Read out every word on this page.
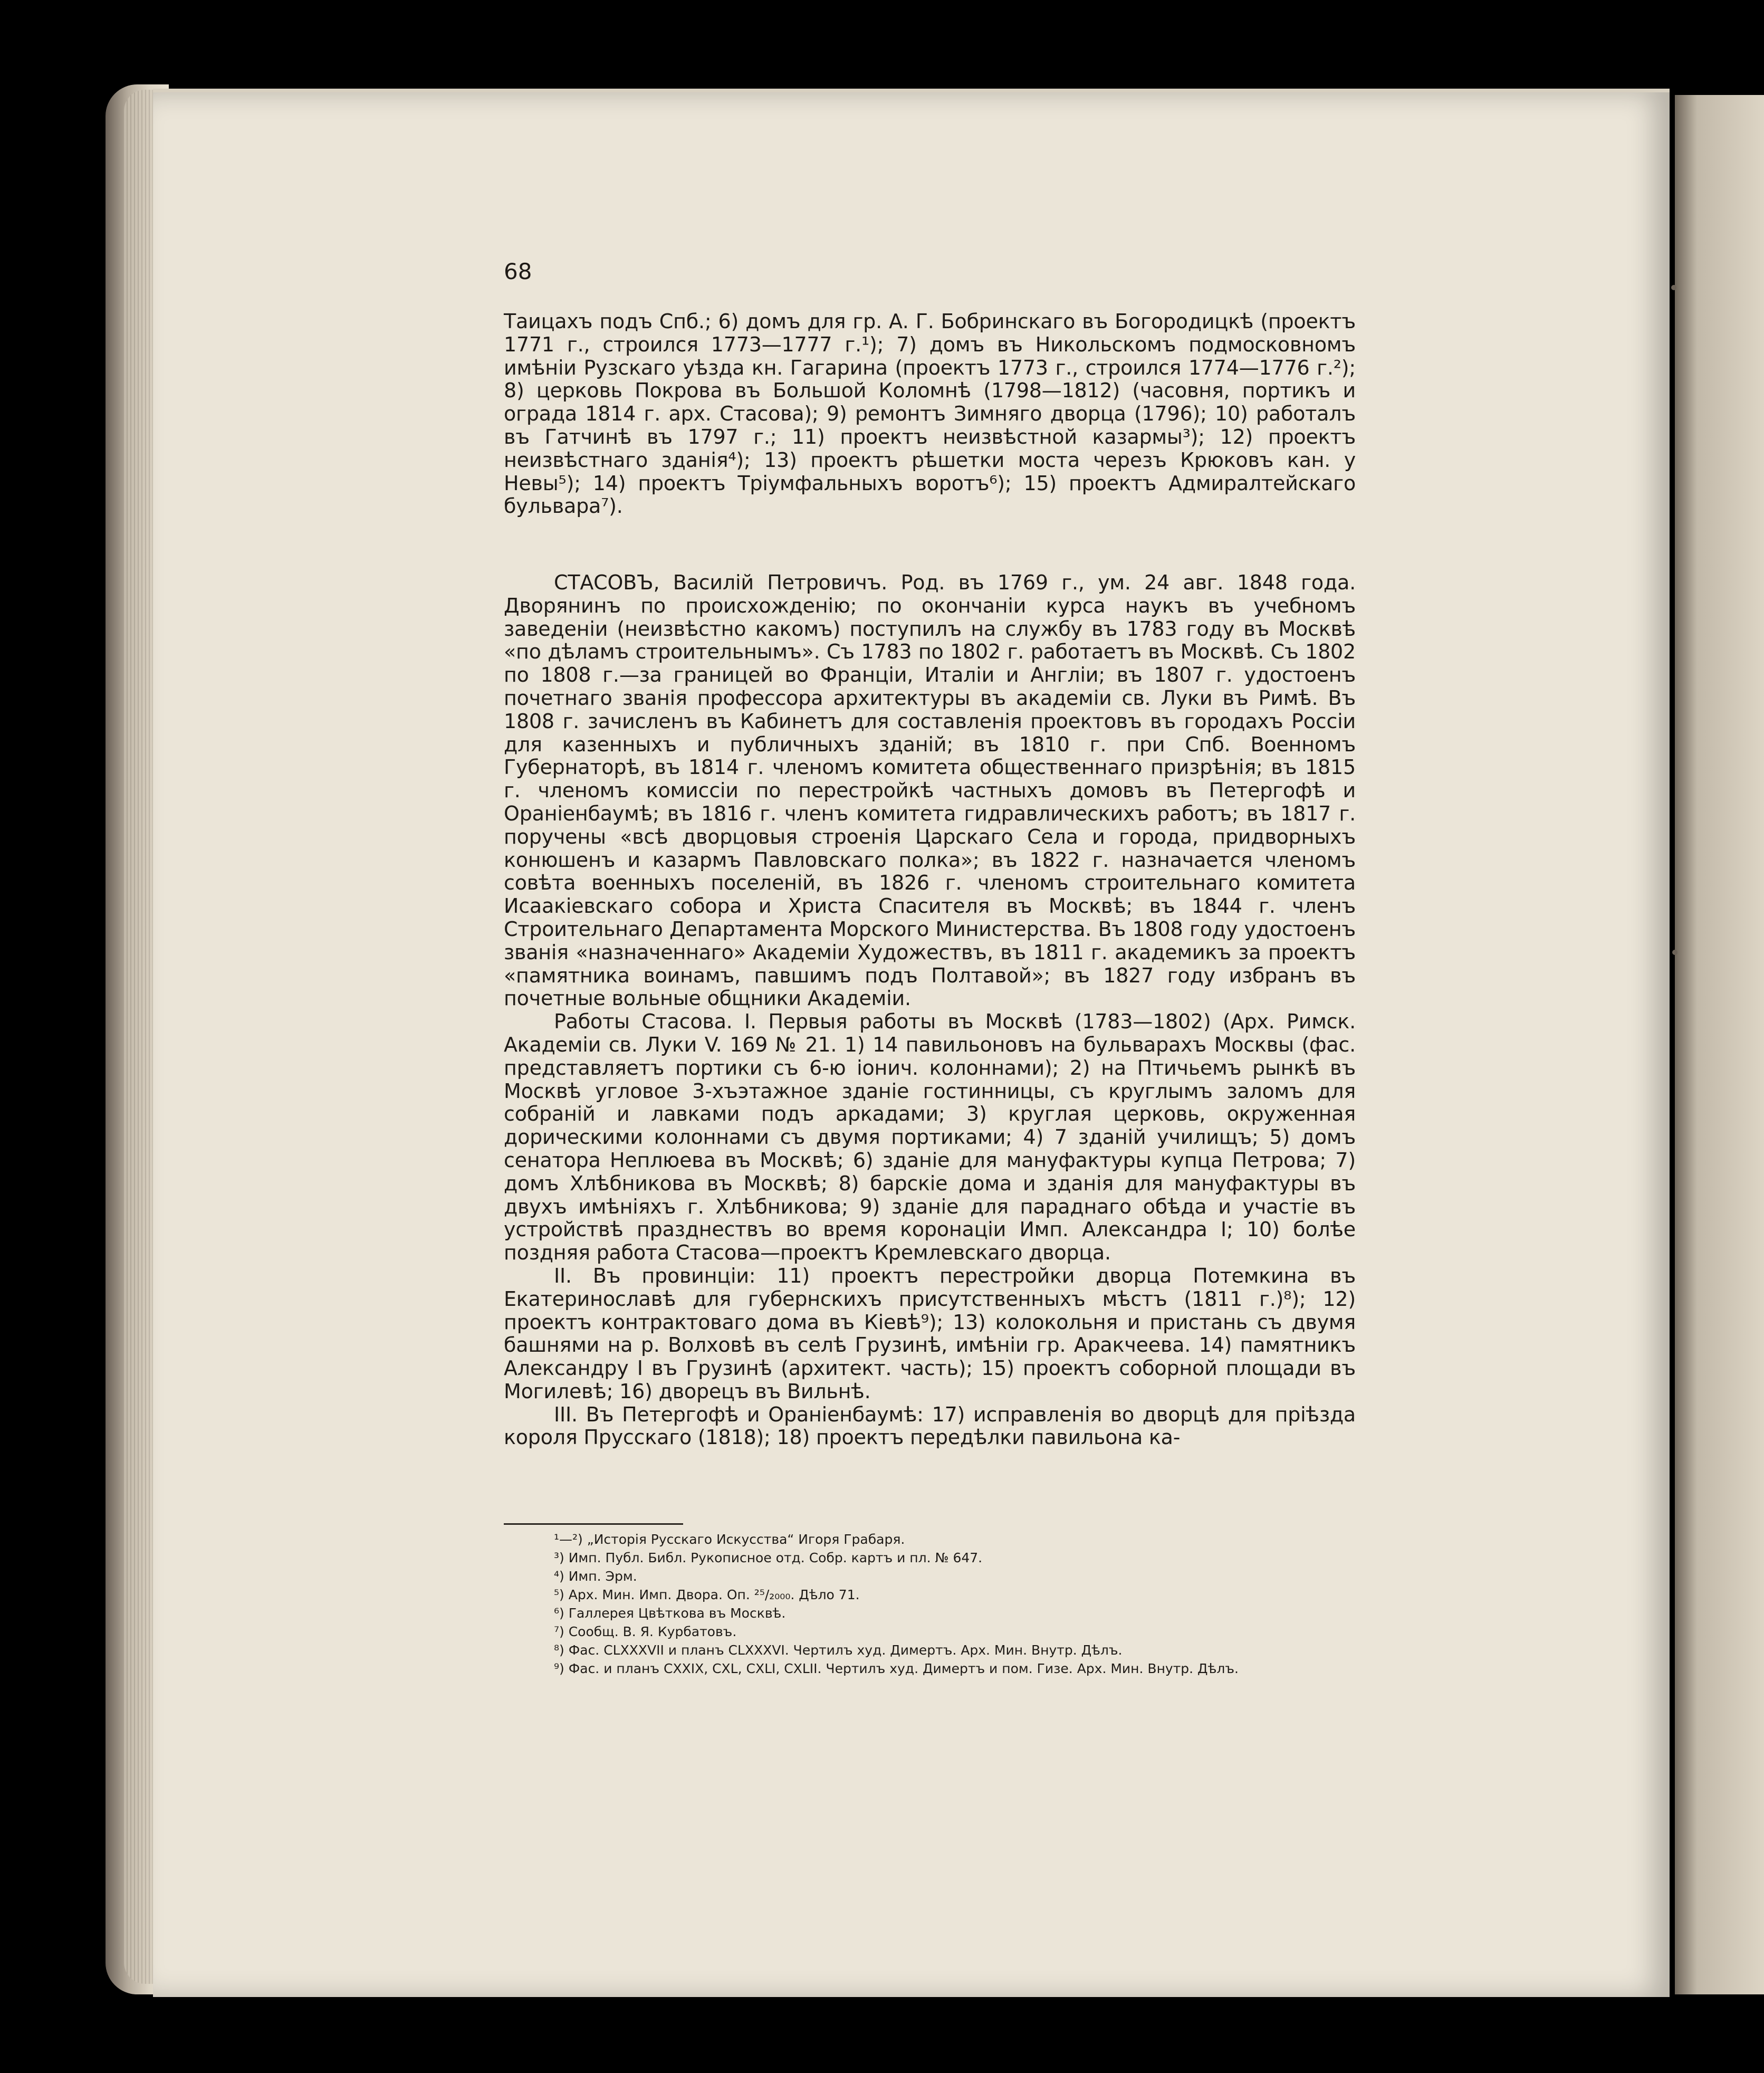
68

Таицахъ подъ Спб.; 6) домъ для гр. А. Г. Бобринскаго въ Богородицкѣ (проектъ 1771 г., строился 1773—1777 г.¹); 7) домъ въ Никольскомъ подмосковномъ имѣнiи Рузскаго уѣзда кн. Гагарина (проектъ 1773 г., строился 1774—1776 г.²); 8) церковь Покрова въ Большой Коломнѣ (1798—1812) (часовня, портикъ и ограда 1814 г. арх. Стасова); 9) ремонтъ Зимняго дворца (1796); 10) работалъ въ Гатчинѣ въ 1797 г.; 11) проектъ неизвѣстной казармы³); 12) проектъ неизвѣстнаго зданiя⁴); 13) проектъ рѣшетки моста черезъ Крюковъ кан. у Невы⁵); 14) проектъ Трiумфальныхъ воротъ⁶); 15) проектъ Адмиралтейскаго бульвара⁷).

СТАСОВЪ, Василiй Петровичъ. Род. въ 1769 г., ум. 24 авг. 1848 года. Дворянинъ по происхожденiю; по окончанiи курса наукъ въ учебномъ заведенiи (неизвѣстно какомъ) поступилъ на службу въ 1783 году въ Москвѣ «по дѣламъ строительнымъ». Съ 1783 по 1802 г. работаетъ въ Москвѣ. Съ 1802 по 1808 г.—за границей во Францiи, Италiи и Англiи; въ 1807 г. удостоенъ почетнаго званiя профессора архитектуры въ академiи св. Луки въ Римѣ. Въ 1808 г. зачисленъ въ Кабинетъ для составленiя проектовъ въ городахъ Россiи для казенныхъ и публичныхъ зданiй; въ 1810 г. при Спб. Военномъ Губернаторѣ, въ 1814 г. членомъ комитета общественнаго призрѣнiя; въ 1815 г. членомъ комиссiи по перестройкѣ частныхъ домовъ въ Петергофѣ и Ораніенбаумѣ; въ 1816 г. членъ комитета гидравлическихъ работъ; въ 1817 г. поручены «всѣ дворцовыя строенiя Царскаго Села и города, придворныхъ конюшенъ и казармъ Павловскаго полка»; въ 1822 г. назначается членомъ совѣта военныхъ поселенiй, въ 1826 г. членомъ строительнаго комитета Исаакiевскаго собора и Христа Спасителя въ Москвѣ; въ 1844 г. членъ Строительнаго Департамента Морского Министерства. Въ 1808 году удостоенъ званiя «назначеннаго» Академiи Художествъ, въ 1811 г. академикъ за проектъ «памятника воинамъ, павшимъ подъ Полтавой»; въ 1827 году избранъ въ почетные вольные общники Академiи.

Работы Стасова. I. Первыя работы въ Москвѣ (1783—1802) (Арх. Римск. Академiи св. Луки V. 169 № 21. 1) 14 павильоновъ на бульварахъ Москвы (фас. представляетъ портики съ 6-ю iонич. колоннами); 2) на Птичьемъ рынкѣ въ Москвѣ угловое 3-хъэтажное зданiе гостинницы, съ круглымъ заломъ для собранiй и лавками подъ аркадами; 3) круглая церковь, окруженная дорическими колоннами съ двумя портиками; 4) 7 зданiй училищъ; 5) домъ сенатора Неплюева въ Москвѣ; 6) зданiе для мануфактуры купца Петрова; 7) домъ Хлѣбникова въ Москвѣ; 8) барскiе дома и зданiя для мануфактуры въ двухъ имѣнiяхъ г. Хлѣбникова; 9) зданiе для параднаго обѣда и участiе въ устройствѣ празднествъ во время коронацiи Имп. Александра I; 10) болѣе поздняя работа Стасова—проектъ Кремлевскаго дворца.

II. Въ провинцiи: 11) проектъ перестройки дворца Потемкина въ Екатеринославѣ для губернскихъ присутственныхъ мѣстъ (1811 г.)⁸); 12) проектъ контрактоваго дома въ Кiевѣ⁹); 13) колокольня и пристань съ двумя башнями на р. Волховѣ въ селѣ Грузинѣ, имѣнiи гр. Аракчеева. 14) памятникъ Александру I въ Грузинѣ (архитект. часть); 15) проектъ соборной площади въ Могилевѣ; 16) дворецъ въ Вильнѣ.

III. Въ Петергофѣ и Ораніенбаумѣ: 17) исправленiя во дворцѣ для прiѣзда короля Прусскаго (1818); 18) проектъ передѣлки павильона ка-

¹—²) „Исторiя Русскаго Искусства“ Игоря Грабаря.

³) Имп. Публ. Библ. Рукописное отд. Собр. картъ и пл. № 647.

⁴) Имп. Эрм.

⁵) Арх. Мин. Имп. Двора. Оп. ²⁵/₂₀₀₀. Дѣло 71.

⁶) Галлерея Цвѣткова въ Москвѣ.

⁷) Сообщ. В. Я. Курбатовъ.

⁸) Фас. CLXXXVII и планъ CLXXXVI. Чертилъ худ. Димертъ. Арх. Мин. Внутр. Дѣлъ.

⁹) Фас. и планъ CXXIX, CXL, CXLI, CXLII. Чертилъ худ. Димертъ и пом. Гизе. Арх. Мин. Внутр. Дѣлъ.
